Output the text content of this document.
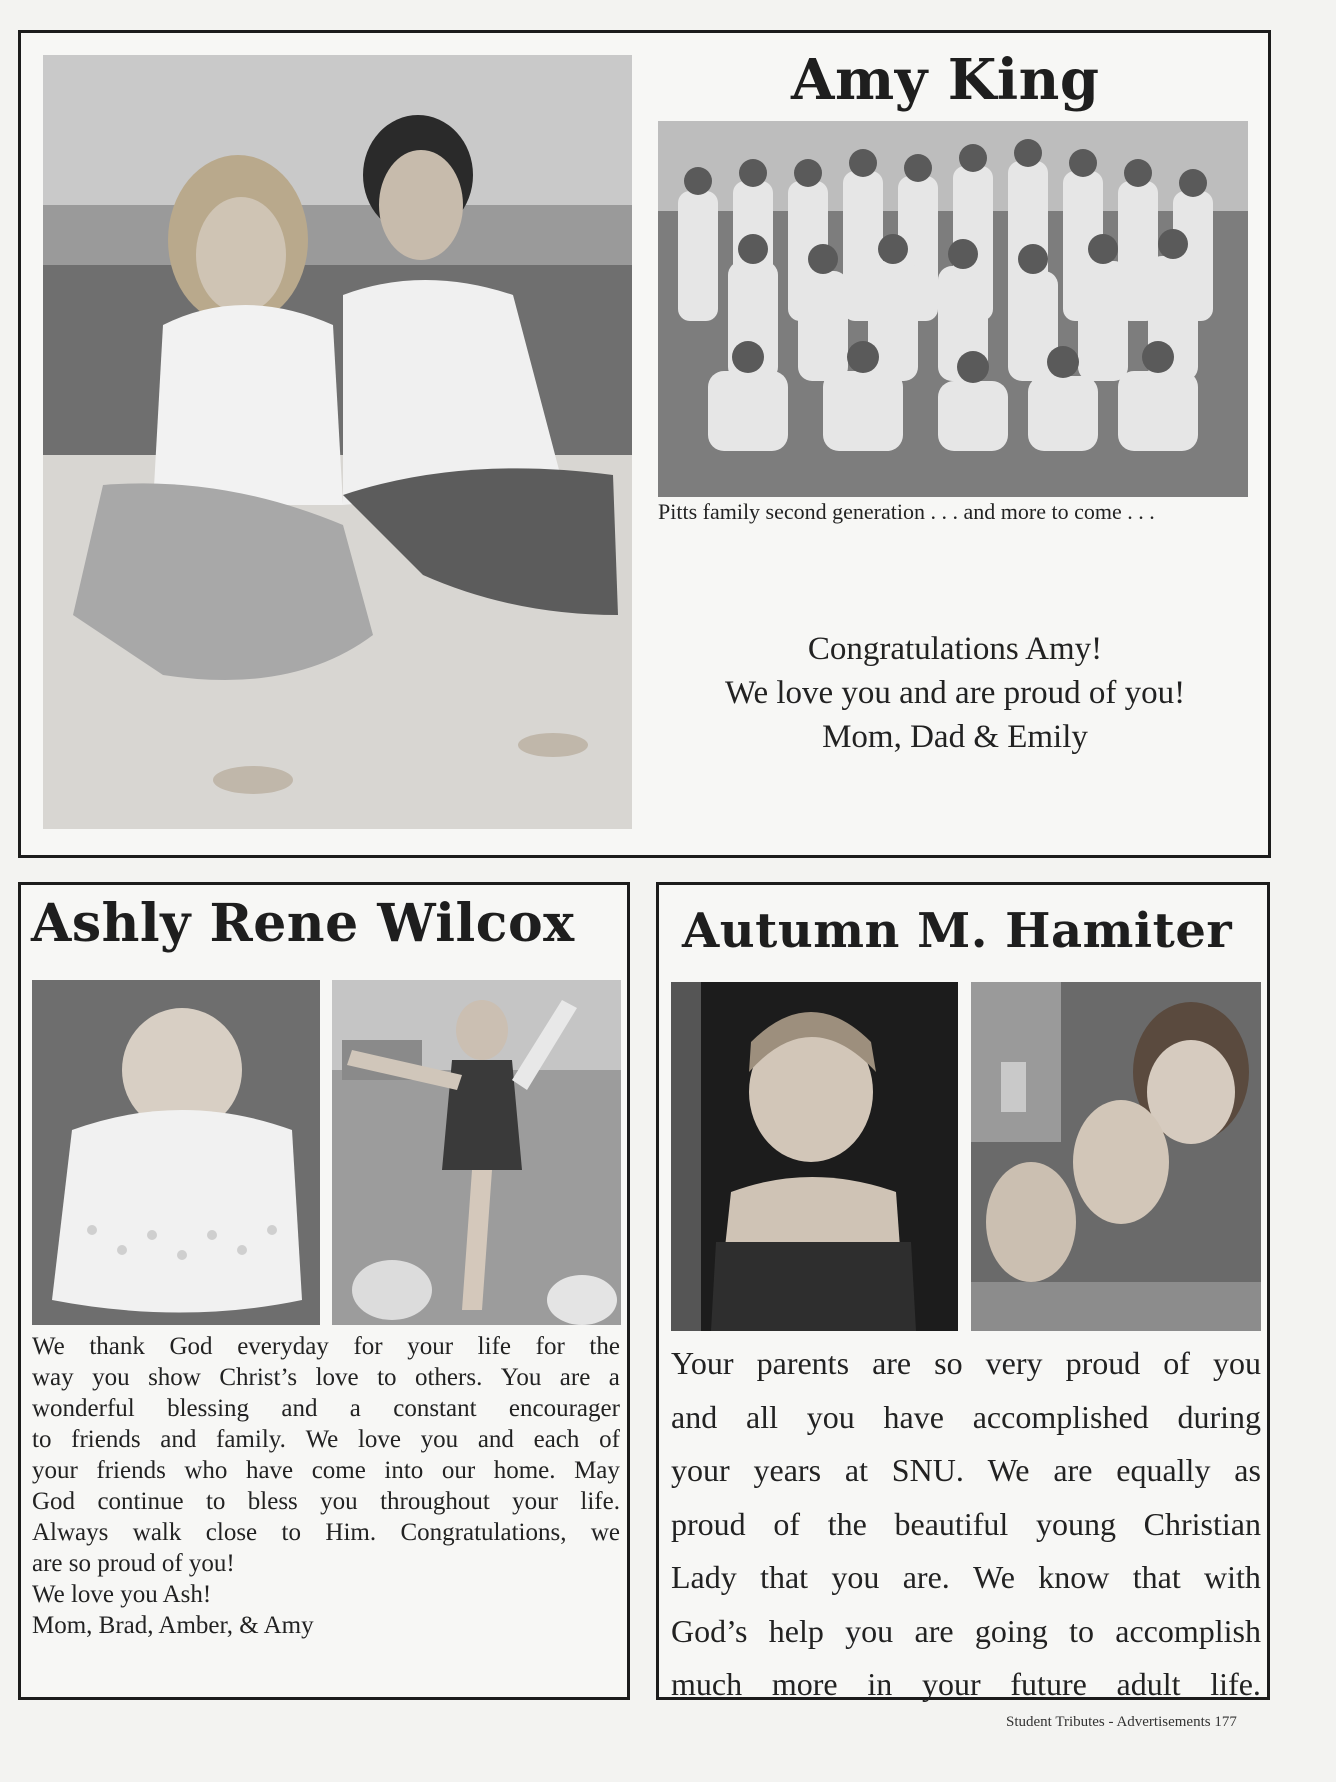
Amy King
Pitts family second generation . . . and more to come . . .
Congratulations Amy!
We love you and are proud of you!
Mom, Dad & Emily
Ashly Rene Wilcox
We thank God everyday for your life for the
way you show Christ’s love to others. You are a
wonderful blessing and a constant encourager
to friends and family. We love you and each of
your friends who have come into our home. May
God continue to bless you throughout your life.
Always walk close to Him. Congratulations, we
are so proud of you!
We love you Ash!
Mom, Brad, Amber, & Amy
Autumn M. Hamiter
Your parents are so very proud of you
and all you have accomplished during
your years at SNU. We are equally as
proud of the beautiful young Christian
Lady that you are. We know that with
God’s help you are going to accomplish
much more in your future adult life.
Student Tributes - Advertisements 177
